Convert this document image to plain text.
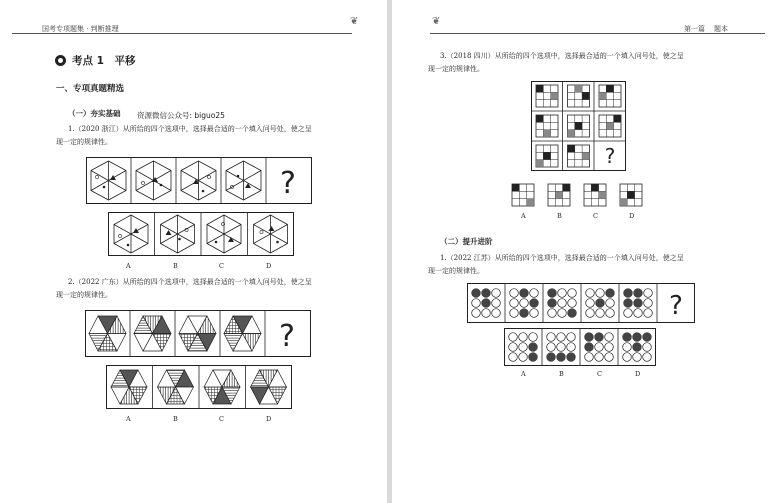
国考专项题集 · 判断推理
❦
考点 1　平移
一、专项真题精选
（一）夯实基础 资源微信公众号: biguo25
1.（2020 浙江）从所给的四个选项中，选择最合适的一个填入问号处，使之呈
现一定的规律性。
?
A	B	C	D
2.（2022 广东）从所给的四个选项中，选择最合适的一个填入问号处，使之呈
现一定的规律性。
?
A	B	C	D
❦
第一篇 题本
3.（2018 四川）从所给的四个选项中，选择最合适的一个填入问号处，使之呈
现一定的规律性。
?
A	B	C	D
（二）提升进阶
1.（2022 江苏）从所给的四个选项中，选择最合适的一个填入问号处，使之呈
现一定的规律性。
?
A	B	C	D
